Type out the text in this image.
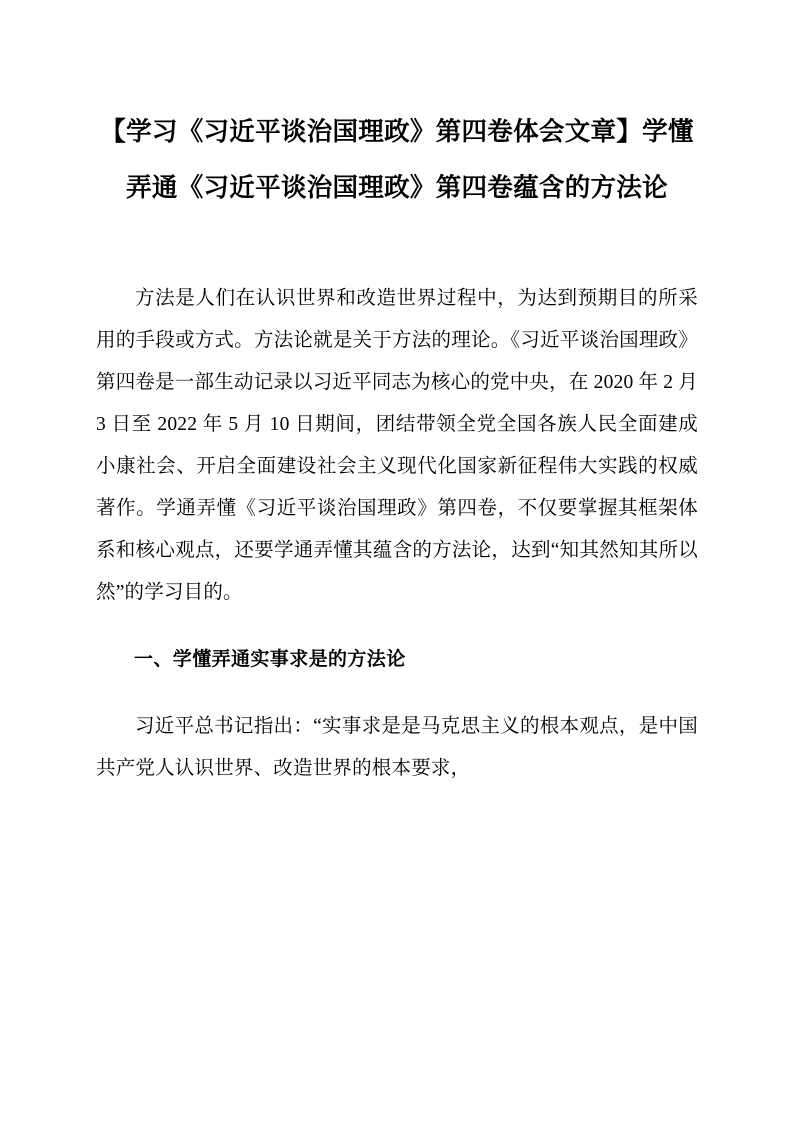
【学习《习近平谈治国理政》第四卷体会文章】学懂弄通《习近平谈治国理政》第四卷蕴含的方法论

方法是人们在认识世界和改造世界过程中，为达到预期目的所采用的手段或方式。方法论就是关于方法的理论。《习近平谈治国理政》第四卷是一部生动记录以习近平同志为核心的党中央，在 2020 年 2 月 3 日至 2022 年 5 月 10 日期间，团结带领全党全国各族人民全面建成小康社会、开启全面建设社会主义现代化国家新征程伟大实践的权威著作。学通弄懂《习近平谈治国理政》第四卷，不仅要掌握其框架体系和核心观点，还要学通弄懂其蕴含的方法论，达到“知其然知其所以然”的学习目的。

一、学懂弄通实事求是的方法论

习近平总书记指出：“实事求是是马克思主义的根本观点，是中国共产党人认识世界、改造世界的根本要求，
